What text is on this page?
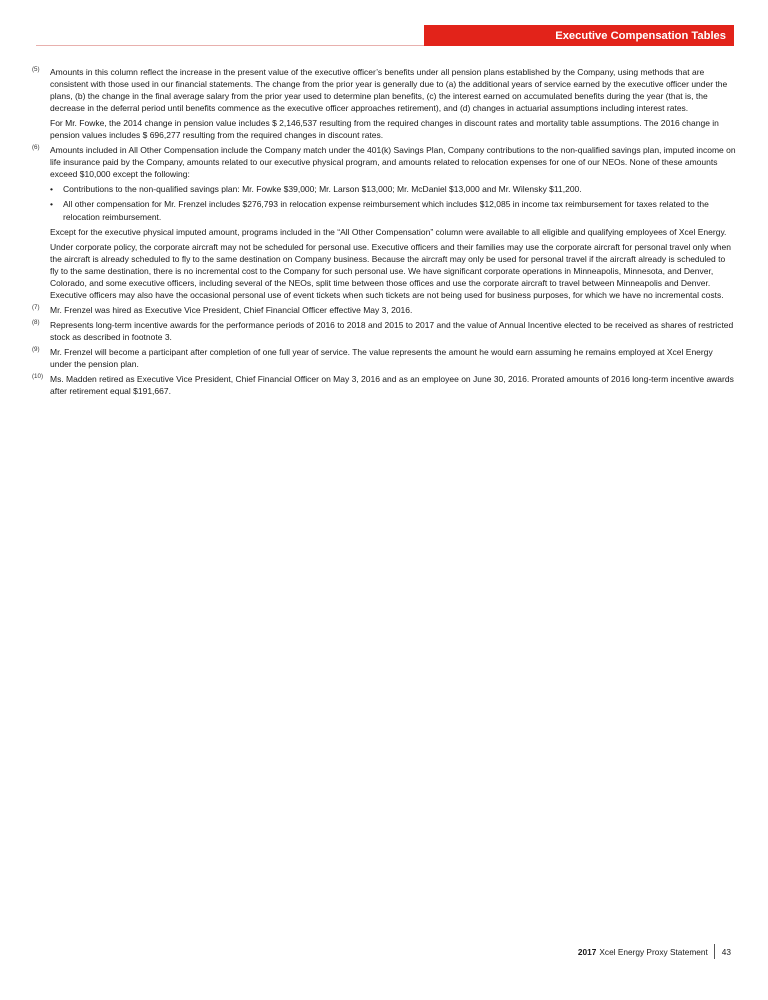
Executive Compensation Tables
(5) Amounts in this column reflect the increase in the present value of the executive officer’s benefits under all pension plans established by the Company, using methods that are consistent with those used in our financial statements. The change from the prior year is generally due to (a) the additional years of service earned by the executive officer under the plans, (b) the change in the final average salary from the prior year used to determine plan benefits, (c) the interest earned on accumulated benefits during the year (that is, the decrease in the deferral period until benefits commence as the executive officer approaches retirement), and (d) changes in actuarial assumptions including interest rates.

For Mr. Fowke, the 2014 change in pension value includes $ 2,146,537 resulting from the required changes in discount rates and mortality table assumptions. The 2016 change in pension values includes $ 696,277 resulting from the required changes in discount rates.

(6) Amounts included in All Other Compensation include the Company match under the 401(k) Savings Plan, Company contributions to the non-qualified savings plan, imputed income on life insurance paid by the Company, amounts related to our executive physical program, and amounts related to relocation expenses for one of our NEOs. None of these amounts exceed $10,000 except the following:

• Contributions to the non-qualified savings plan: Mr. Fowke $39,000; Mr. Larson $13,000; Mr. McDaniel $13,000 and Mr. Wilensky $11,200.

• All other compensation for Mr. Frenzel includes $276,793 in relocation expense reimbursement which includes $12,085 in income tax reimbursement for taxes related to the relocation reimbursement.

Except for the executive physical imputed amount, programs included in the “All Other Compensation” column were available to all eligible and qualifying employees of Xcel Energy.

Under corporate policy, the corporate aircraft may not be scheduled for personal use. Executive officers and their families may use the corporate aircraft for personal travel only when the aircraft is already scheduled to fly to the same destination on Company business. Because the aircraft may only be used for personal travel if the aircraft already is scheduled to fly to the same destination, there is no incremental cost to the Company for such personal use. We have significant corporate operations in Minneapolis, Minnesota, and Denver, Colorado, and some executive officers, including several of the NEOs, split time between those offices and use the corporate aircraft to travel between Minneapolis and Denver. Executive officers may also have the occasional personal use of event tickets when such tickets are not being used for business purposes, for which we have no incremental costs.

(7) Mr. Frenzel was hired as Executive Vice President, Chief Financial Officer effective May 3, 2016.

(8) Represents long-term incentive awards for the performance periods of 2016 to 2018 and 2015 to 2017 and the value of Annual Incentive elected to be received as shares of restricted stock as described in footnote 3.

(9) Mr. Frenzel will become a participant after completion of one full year of service. The value represents the amount he would earn assuming he remains employed at Xcel Energy under the pension plan.

(10) Ms. Madden retired as Executive Vice President, Chief Financial Officer on May 3, 2016 and as an employee on June 30, 2016. Prorated amounts of 2016 long-term incentive awards after retirement equal $191,667.

2017 Xcel Energy Proxy Statement 43
